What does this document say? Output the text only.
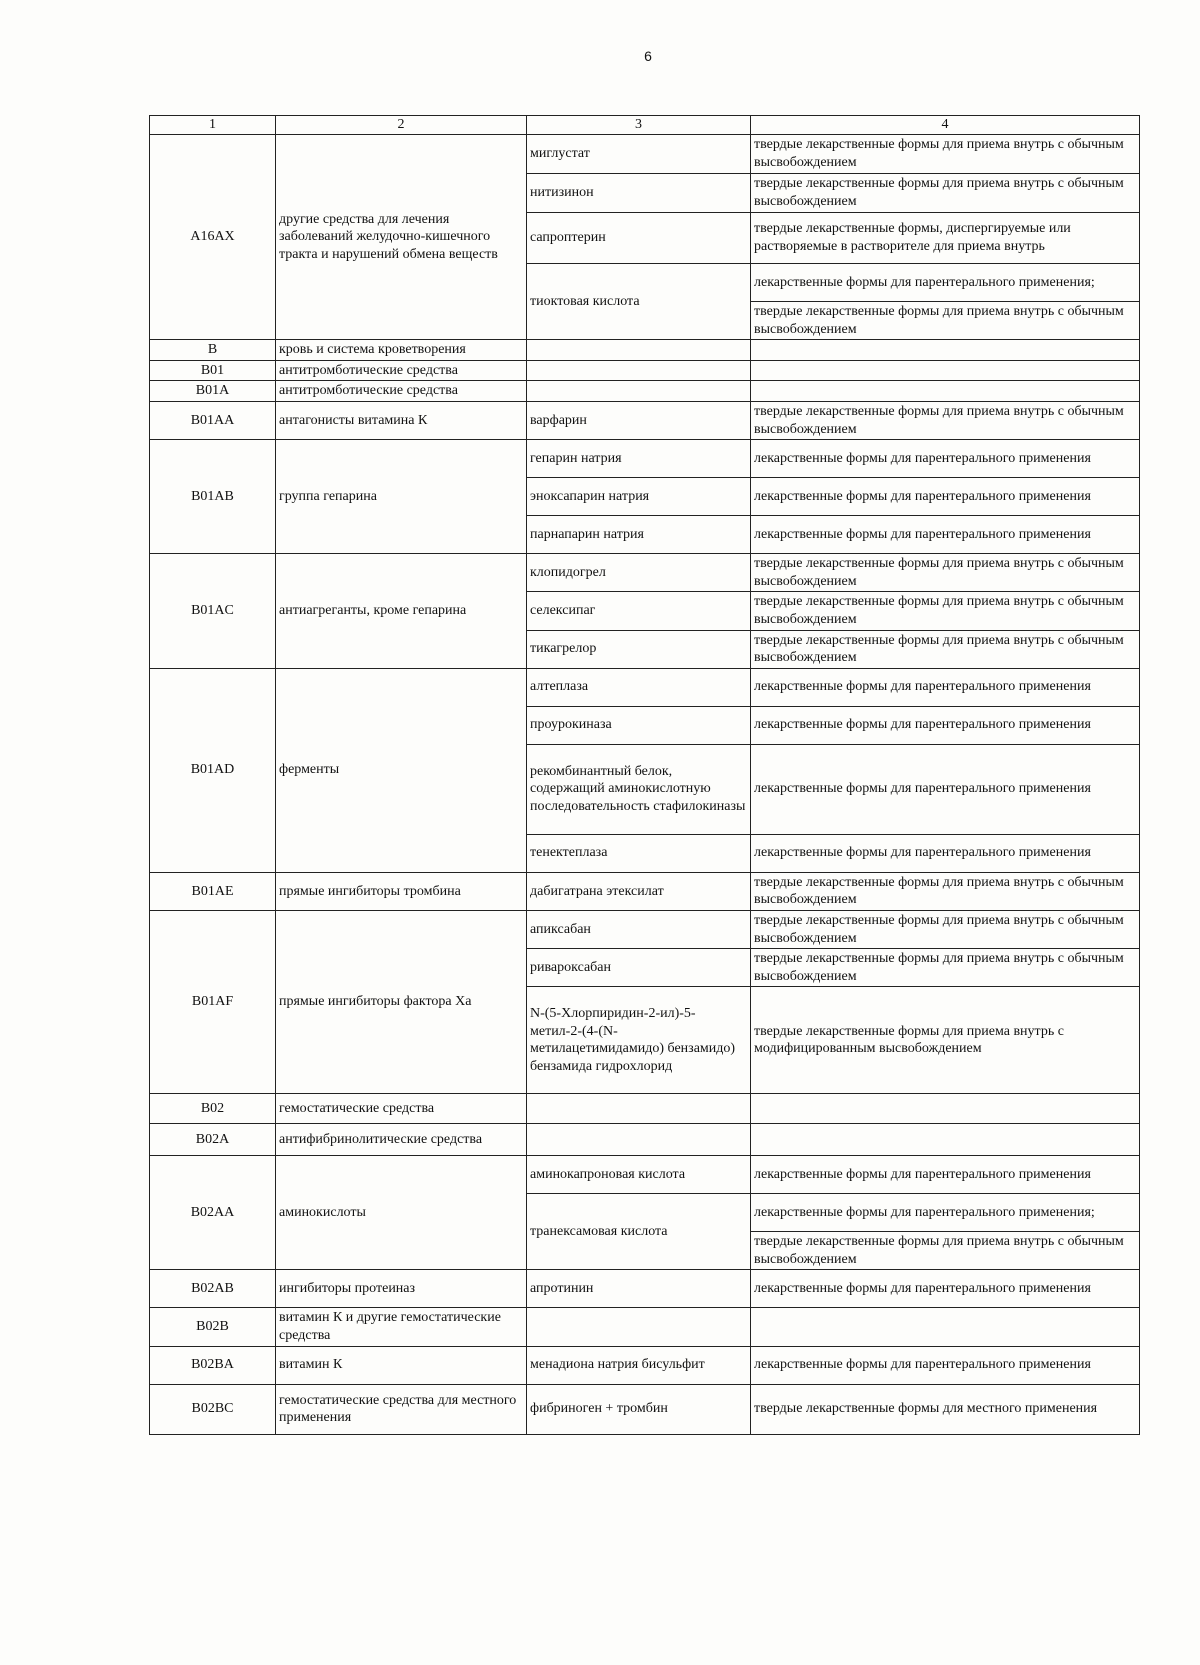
6
1	2	3	4
A16AX	другие средства для лечения заболеваний желудочно-кишечного тракта и нарушений обмена веществ	миглустат	твердые лекарственные формы для приема внутрь с обычным высвобождением
		нитизинон	твердые лекарственные формы для приема внутрь с обычным высвобождением
		сапроптерин	твердые лекарственные формы, диспергируемые или растворяемые в растворителе для приема внутрь
		тиоктовая кислота	лекарственные формы для парентерального применения;
			твердые лекарственные формы для приема внутрь с обычным высвобождением
B	кровь и система кроветворения		
B01	антитромботические средства		
B01A	антитромботические средства		
B01AA	антагонисты витамина К	варфарин	твердые лекарственные формы для приема внутрь с обычным высвобождением
B01AB	группа гепарина	гепарин натрия	лекарственные формы для парентерального применения
		эноксапарин натрия	лекарственные формы для парентерального применения
		парнапарин натрия	лекарственные формы для парентерального применения
B01AC	антиагреганты, кроме гепарина	клопидогрел	твердые лекарственные формы для приема внутрь с обычным высвобождением
		селексипаг	твердые лекарственные формы для приема внутрь с обычным высвобождением
		тикагрелор	твердые лекарственные формы для приема внутрь с обычным высвобождением
B01AD	ферменты	алтеплаза	лекарственные формы для парентерального применения
		проурокиназа	лекарственные формы для парентерального применения
		рекомбинантный белок, содержащий аминокислотную последовательность стафилокиназы	лекарственные формы для парентерального применения
		тенектеплаза	лекарственные формы для парентерального применения
B01AE	прямые ингибиторы тромбина	дабигатрана этексилат	твердые лекарственные формы для приема внутрь с обычным высвобождением
B01AF	прямые ингибиторы фактора Ха	апиксабан	твердые лекарственные формы для приема внутрь с обычным высвобождением
		ривароксабан	твердые лекарственные формы для приема внутрь с обычным высвобождением
		N-(5-Хлорпиридин-2-ил)-5-метил-2-(4-(N-метилацетимидамидо) бензамидо) бензамида гидрохлорид	твердые лекарственные формы для приема внутрь с модифицированным высвобождением
B02	гемостатические средства		
B02A	антифибринолитические средства		
B02AA	аминокислоты	аминокапроновая кислота	лекарственные формы для парентерального применения
		транексамовая кислота	лекарственные формы для парентерального применения;
			твердые лекарственные формы для приема внутрь с обычным высвобождением
B02AB	ингибиторы протеиназ	апротинин	лекарственные формы для парентерального применения
B02B	витамин К и другие гемостатические средства		
B02BA	витамин К	менадиона натрия бисульфит	лекарственные формы для парентерального применения
B02BC	гемостатические средства для местного применения	фибриноген + тромбин	твердые лекарственные формы для местного применения
